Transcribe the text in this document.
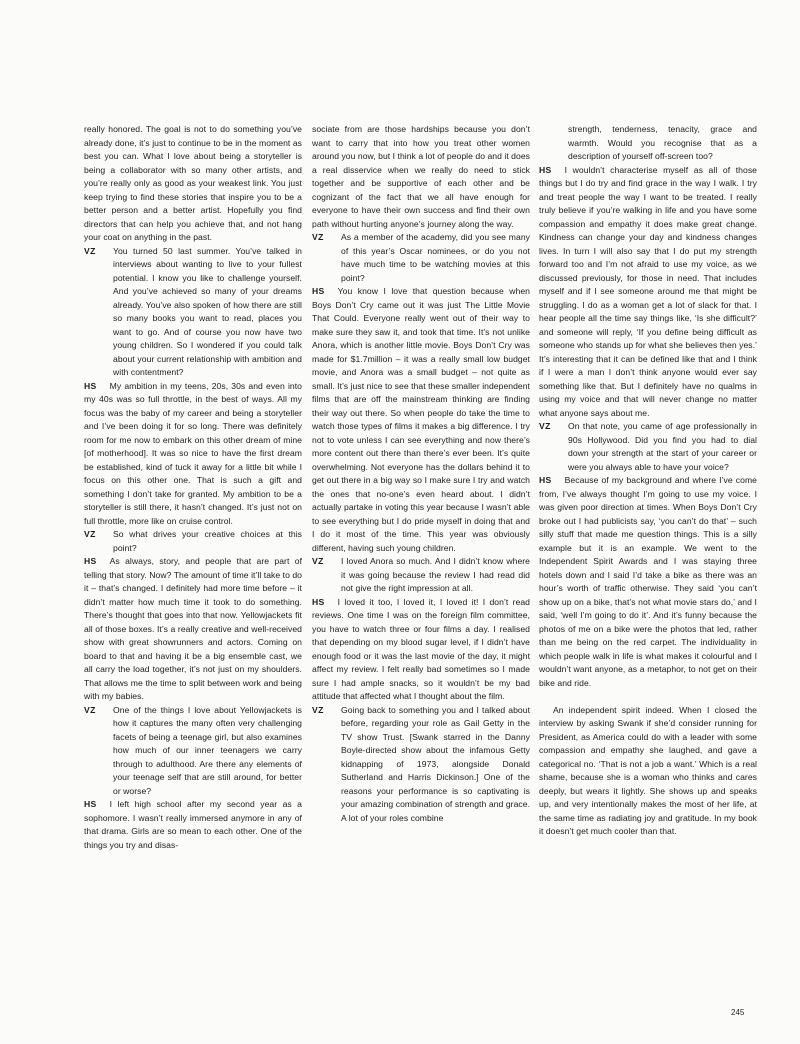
really honored. The goal is not to do something you’ve already done, it’s just to continue to be in the moment as best you can. What I love about being a storyteller is being a collaborator with so many other artists, and you’re really only as good as your weakest link. You just keep trying to find these stories that inspire you to be a better person and a better artist. Hopefully you find directors that can help you achieve that, and not hang your coat on anything in the past.

VZ You turned 50 last summer. You’ve talked in interviews about wanting to live to your fullest potential. I know you like to challenge yourself. And you’ve achieved so many of your dreams already. You’ve also spoken of how there are still so many books you want to read, places you want to go. And of course you now have two young children. So I wondered if you could talk about your current relationship with ambition and with contentment?

HS My ambition in my teens, 20s, 30s and even into my 40s was so full throttle, in the best of ways. All my focus was the baby of my career and being a storyteller and I’ve been doing it for so long. There was definitely room for me now to embark on this other dream of mine [of motherhood]. It was so nice to have the first dream be established, kind of tuck it away for a little bit while I focus on this other one. That is such a gift and something I don’t take for granted. My ambition to be a storyteller is still there, it hasn’t changed. It’s just not on full throttle, more like on cruise control.

VZ So what drives your creative choices at this point?

HS As always, story, and people that are part of telling that story. Now? The amount of time it’ll take to do it – that’s changed. I definitely had more time before – it didn’t matter how much time it took to do something. There’s thought that goes into that now. Yellowjackets fit all of those boxes. It’s a really creative and well-received show with great showrunners and actors. Coming on board to that and having it be a big ensemble cast, we all carry the load together, it’s not just on my shoulders. That allows me the time to split between work and being with my babies.

VZ One of the things I love about Yellowjackets is how it captures the many often very challenging facets of being a teenage girl, but also examines how much of our inner teenagers we carry through to adulthood. Are there any elements of your teenage self that are still around, for better or worse?

HS I left high school after my second year as a sophomore. I wasn’t really immersed anymore in any of that drama. Girls are so mean to each other. One of the things you try and disas-

sociate from are those hardships because you don’t want to carry that into how you treat other women around you now, but I think a lot of people do and it does a real disservice when we really do need to stick together and be supportive of each other and be cognizant of the fact that we all have enough for everyone to have their own success and find their own path without hurting anyone’s journey along the way.

VZ As a member of the academy, did you see many of this year’s Oscar nominees, or do you not have much time to be watching movies at this point?

HS You know I love that question because when Boys Don’t Cry came out it was just The Little Movie That Could. Everyone really went out of their way to make sure they saw it, and took that time. It’s not unlike Anora, which is another little movie. Boys Don’t Cry was made for $1.7million – it was a really small low budget movie, and Anora was a small budget – not quite as small. It’s just nice to see that these smaller independent films that are off the mainstream thinking are finding their way out there. So when people do take the time to watch those types of films it makes a big difference. I try not to vote unless I can see everything and now there’s more content out there than there’s ever been. It’s quite overwhelming. Not everyone has the dollars behind it to get out there in a big way so I make sure I try and watch the ones that no-one’s even heard about. I didn’t actually partake in voting this year because I wasn’t able to see everything but I do pride myself in doing that and I do it most of the time. This year was obviously different, having such young children.

VZ I loved Anora so much. And I didn’t know where it was going because the review I had read did not give the right impression at all.

HS I loved it too, I loved it, I loved it! I don’t read reviews. One time I was on the foreign film committee, you have to watch three or four films a day. I realised that depending on my blood sugar level, if I didn’t have enough food or it was the last movie of the day, it might affect my review. I felt really bad sometimes so I made sure I had ample snacks, so it wouldn’t be my bad attitude that affected what I thought about the film.

VZ Going back to something you and I talked about before, regarding your role as Gail Getty in the TV show Trust. [Swank starred in the Danny Boyle-directed show about the infamous Getty kidnapping of 1973, alongside Donald Sutherland and Harris Dickinson.] One of the reasons your performance is so captivating is your amazing combination of strength and grace. A lot of your roles combine
strength, tenderness, tenacity, grace and warmth. Would you recognise that as a description of yourself off-screen too?

HS I wouldn’t characterise myself as all of those things but I do try and find grace in the way I walk. I try and treat people the way I want to be treated. I really truly believe if you’re walking in life and you have some compassion and empathy it does make great change. Kindness can change your day and kindness changes lives. In turn I will also say that I do put my strength forward too and I’m not afraid to use my voice, as we discussed previously, for those in need. That includes myself and if I see someone around me that might be struggling. I do as a woman get a lot of slack for that. I hear people all the time say things like, ‘Is she difficult?’ and someone will reply, ‘If you define being difficult as someone who stands up for what she believes then yes.’ It’s interesting that it can be defined like that and I think if I were a man I don’t think anyone would ever say something like that. But I definitely have no qualms in using my voice and that will never change no matter what anyone says about me.

VZ On that note, you came of age professionally in 90s Hollywood. Did you find you had to dial down your strength at the start of your career or were you always able to have your voice?

HS Because of my background and where I’ve come from, I’ve always thought I’m going to use my voice. I was given poor direction at times. When Boys Don’t Cry broke out I had publicists say, ‘you can’t do that’ – such silly stuff that made me question things. This is a silly example but it is an example. We went to the Independent Spirit Awards and I was staying three hotels down and I said I’d take a bike as there was an hour’s worth of traffic otherwise. They said ‘you can’t show up on a bike, that’s not what movie stars do,’ and I said, ‘well I’m going to do it’. And it’s funny because the photos of me on a bike were the photos that led, rather than me being on the red carpet. The individuality in which people walk in life is what makes it colourful and I wouldn’t want anyone, as a metaphor, to not get on their bike and ride.

An independent spirit indeed. When I closed the interview by asking Swank if she’d consider running for President, as America could do with a leader with some compassion and empathy she laughed, and gave a categorical no. ‘That is not a job a want.’ Which is a real shame, because she is a woman who thinks and cares deeply, but wears it lightly. She shows up and speaks up, and very intentionally makes the most of her life, at the same time as radiating joy and gratitude. In my book it doesn’t get much cooler than that.

245
